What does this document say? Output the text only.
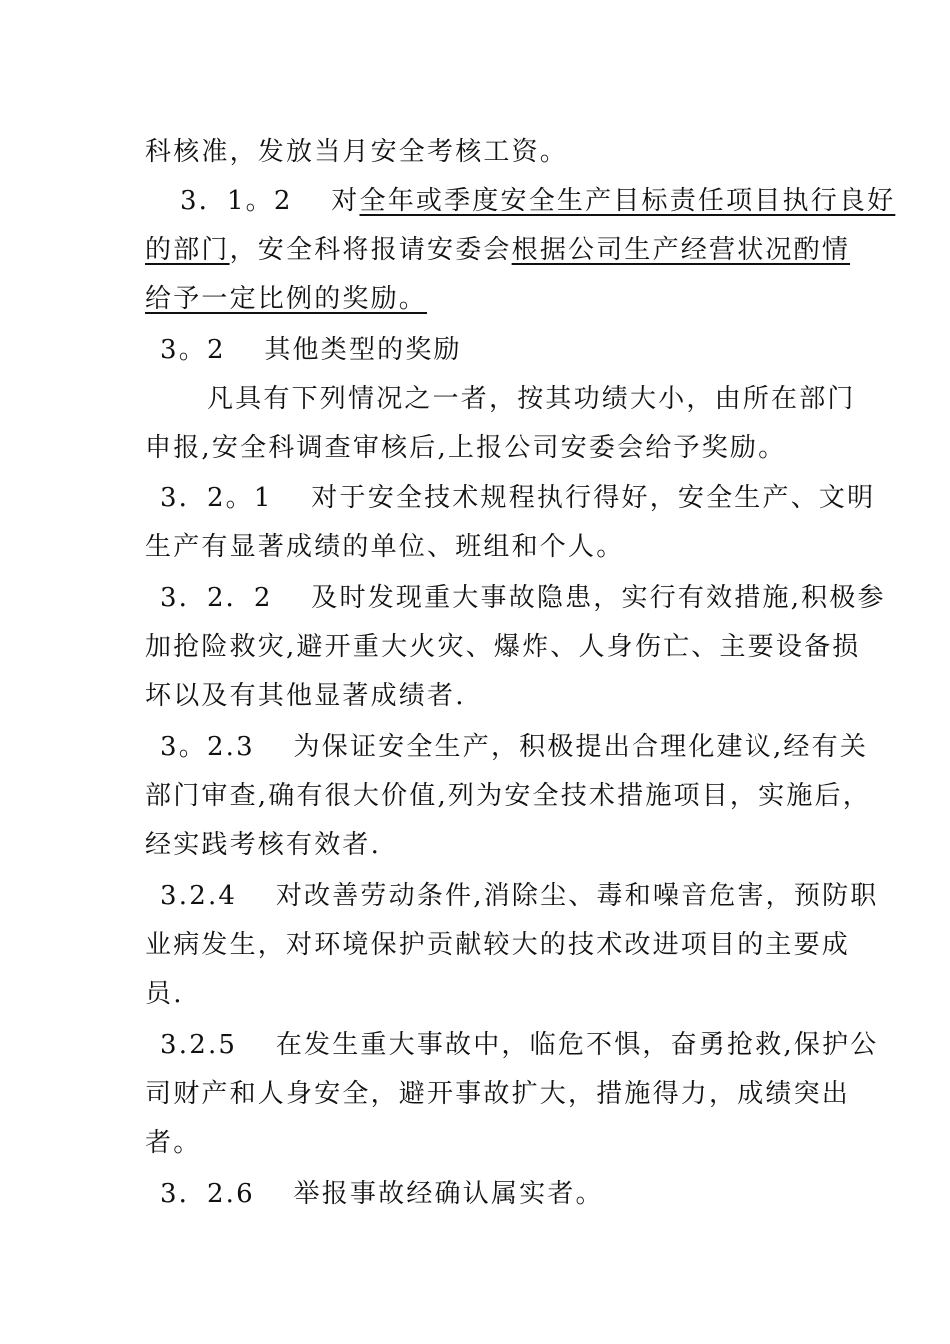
科核准，发放当月安全考核工资。
3．1。2　 对全年或季度安全生产目标责任项目执行良好
的部门，安全科将报请安委会根据公司生产经营状况酌情
给予一定比例的奖励。
3。2　 其他类型的奖励
凡具有下列情况之一者，按其功绩大小，由所在部门
申报,安全科调查审核后,上报公司安委会给予奖励。
3．2。1　 对于安全技术规程执行得好，安全生产、文明
生产有显著成绩的单位、班组和个人。
3．2．2　 及时发现重大事故隐患，实行有效措施,积极参
加抢险救灾,避开重大火灾、爆炸、人身伤亡、主要设备损
坏以及有其他显著成绩者.
3。2.3　 为保证安全生产，积极提出合理化建议,经有关
部门审查,确有很大价值,列为安全技术措施项目，实施后，
经实践考核有效者.
3.2.4　 对改善劳动条件,消除尘、毒和噪音危害，预防职
业病发生，对环境保护贡献较大的技术改进项目的主要成
员.
3.2.5　 在发生重大事故中，临危不惧，奋勇抢救,保护公
司财产和人身安全，避开事故扩大，措施得力，成绩突出
者。
3．2.6　 举报事故经确认属实者。
